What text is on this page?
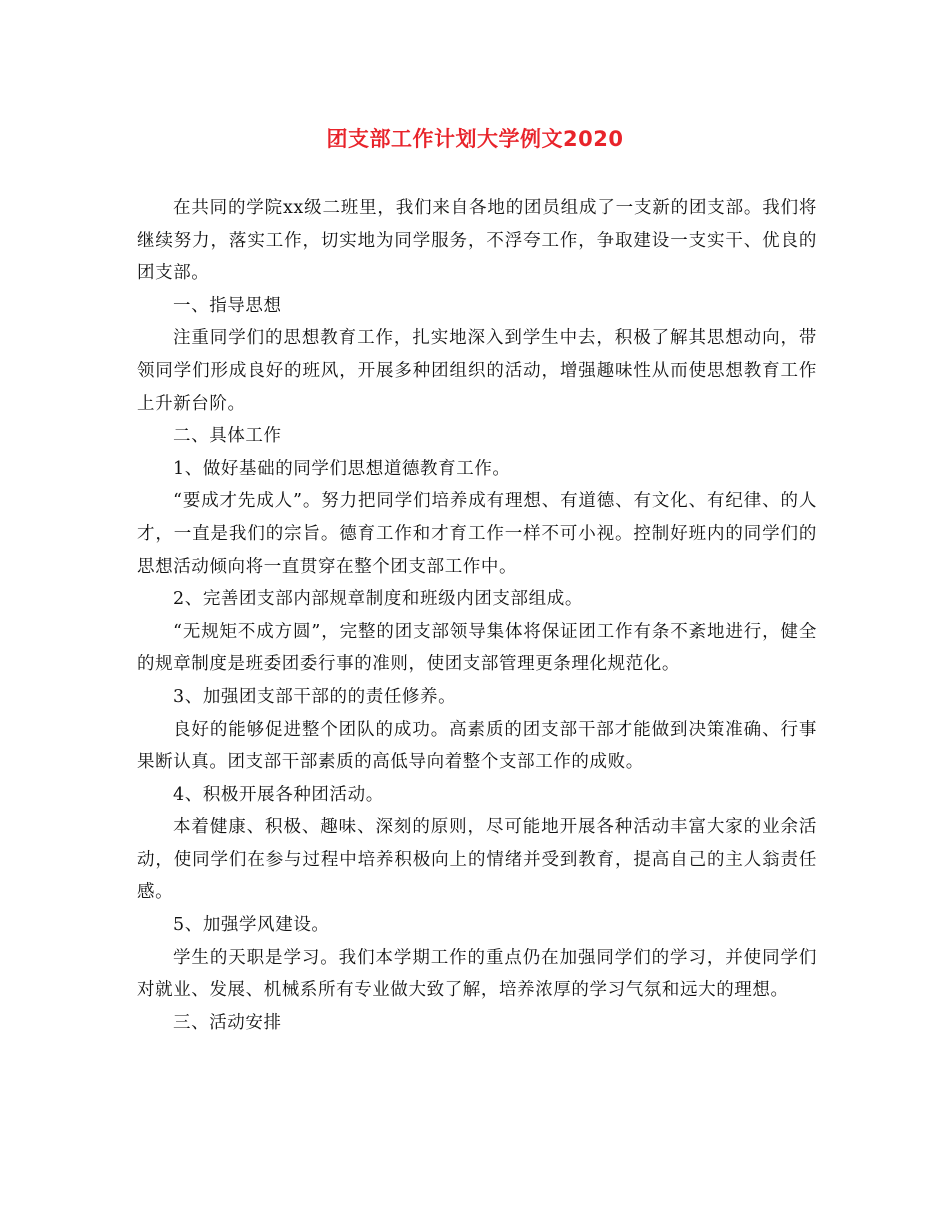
团支部工作计划大学例文2020

在共同的学院xx级二班里，我们来自各地的团员组成了一支新的团支部。我们将继续努力，落实工作，切实地为同学服务，不浮夸工作，争取建设一支实干、优良的团支部。

一、指导思想

注重同学们的思想教育工作，扎实地深入到学生中去，积极了解其思想动向，带领同学们形成良好的班风，开展多种团组织的活动，增强趣味性从而使思想教育工作上升新台阶。

二、具体工作

1、做好基础的同学们思想道德教育工作。

“要成才先成人”。努力把同学们培养成有理想、有道德、有文化、有纪律、的人才，一直是我们的宗旨。德育工作和才育工作一样不可小视。控制好班内的同学们的思想活动倾向将一直贯穿在整个团支部工作中。

2、完善团支部内部规章制度和班级内团支部组成。

“无规矩不成方圆”，完整的团支部领导集体将保证团工作有条不紊地进行，健全的规章制度是班委团委行事的准则，使团支部管理更条理化规范化。

3、加强团支部干部的的责任修养。

良好的能够促进整个团队的成功。高素质的团支部干部才能做到决策准确、行事果断认真。团支部干部素质的高低导向着整个支部工作的成败。

4、积极开展各种团活动。

本着健康、积极、趣味、深刻的原则，尽可能地开展各种活动丰富大家的业余活动，使同学们在参与过程中培养积极向上的情绪并受到教育，提高自己的主人翁责任感。

5、加强学风建设。

学生的天职是学习。我们本学期工作的重点仍在加强同学们的学习，并使同学们对就业、发展、机械系所有专业做大致了解，培养浓厚的学习气氛和远大的理想。

三、活动安排
